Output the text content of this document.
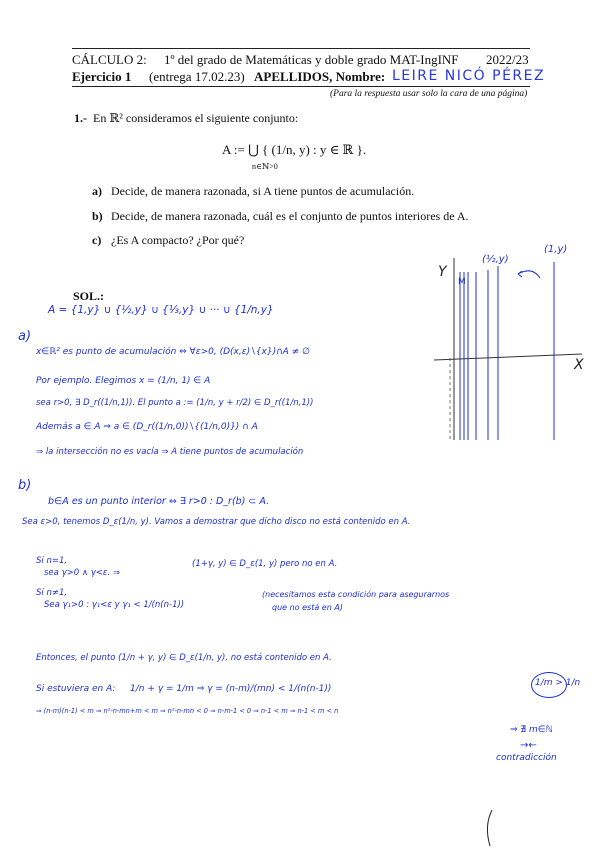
CÁLCULO 2: 1º del grado de Matemáticas y doble grado MAT-IngINF 2022/23
Ejercicio 1 (entrega 17.02.23) APELLIDOS, Nombre: LEIRE NICÓ PÉREZ
(Para la respuesta usar solo la cara de una página)
1.- En ℝ² consideramos el siguiente conjunto:
A := ⋃ { (1/n, y) : y ∈ ℝ }.
n∈ℕ>0
a) Decide, de manera razonada, si A tiene puntos de acumulación.
b) Decide, de manera razonada, cuál es el conjunto de puntos interiores de A.
c) ¿Es A compacto? ¿Por qué?
SOL.:
A = {1,y} ∪ {½,y} ∪ {⅓,y} ∪ ··· ∪ {1/n,y}
a)
x∈ℝ² es punto de acumulación ⇔ ∀ε>0, (D(x,ε)∖{x})∩A ≠ ∅
Por ejemplo. Elegimos x = (1/n, 1) ∈ A
sea r>0, ∃ D_r((1/n,1)). El punto a := (1/n, y + r/2) ∈ D_r((1/n,1))
Además a ∈ A ⇒ a ∈ (D_r((1/n,0))∖{(1/n,0)}) ∩ A
⇒ la intersección no es vacía ⇒ A tiene puntos de acumulación
M
Y
X
(½,y)
(1,y)
b)
b∈A es un punto interior ⇔ ∃ r>0 : D_r(b) ⊂ A.
Sea ε>0, tenemos D_ε(1/n, y). Vamos a demostrar que dicho disco no está contenido en A.
Si n=1,
sea γ>0 ∧ γ<ε. ⇒
(1+γ, y) ∈ D_ε(1, y) pero no en A.
Si n≠1,
Sea γ₁>0 : γ₁<ε y γ₁ < 1/(n(n-1))
(necesitamos esta condición para asegurarnos
que no está en A)
Entonces, el punto (1/n + γ, y) ∈ D_ε(1/n, y), no está contenido en A.
Si estuviera en A: 1/n + γ = 1/m ⇒ γ = (n-m)/(mn) < 1/(n(n-1))
⇒ (n-m)(n-1) < m ⇒ n²-n-mn+m < m ⇒ n²-n-mn < 0 ⇒ n-m-1 < 0 ⇒ n-1 < m ⇒ n-1 < m < n
⇒ ∄ m∈ℕ
→←
contradicción
1/m > 1/n
